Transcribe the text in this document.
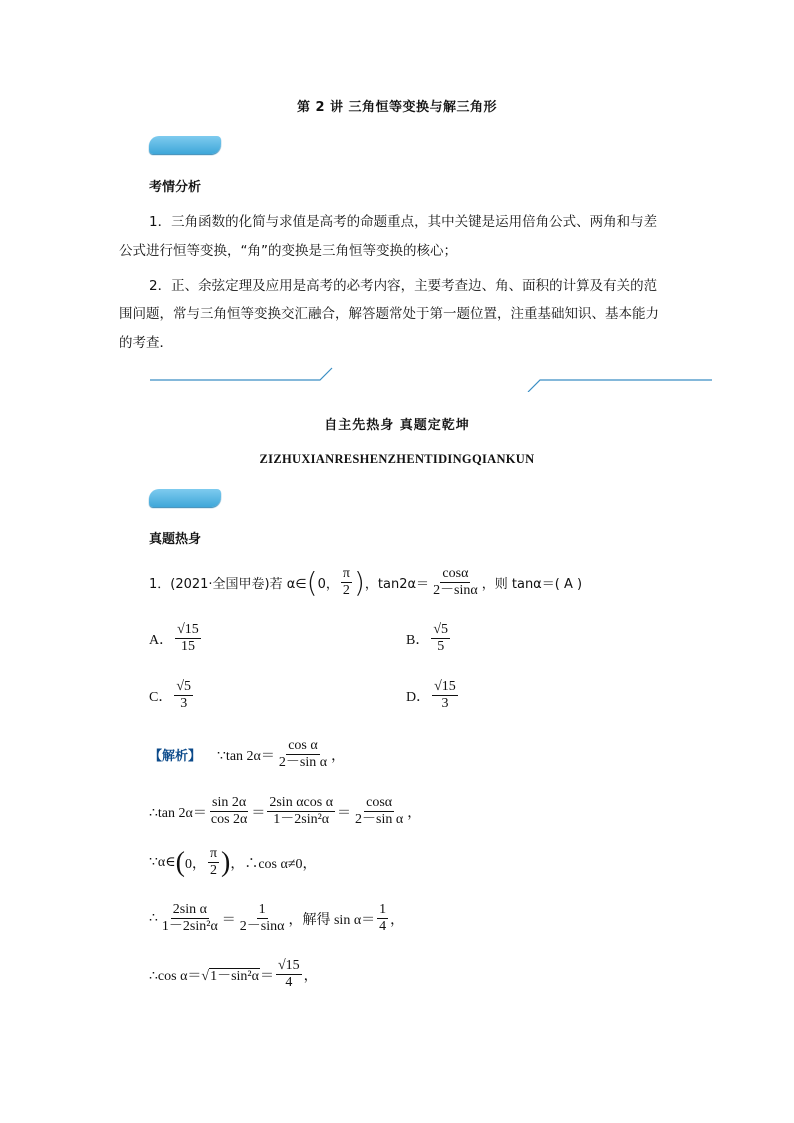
第 2 讲 三角恒等变换与解三角形
考情分析
1．三角函数的化简与求值是高考的命题重点，其中关键是运用倍角公式、两角和与差
公式进行恒等变换，“角”的变换是三角恒等变换的核心；
2．正、余弦定理及应用是高考的必考内容，主要考查边、角、面积的计算及有关的范
围问题，常与三角恒等变换交汇融合，解答题常处于第一题位置，注重基础知识、基本能力
的考查．
自主先热身 真题定乾坤
ZIZHUXIANRESHENZHENTIDINGQIANKUN
真题热身
1．(2021·全国甲卷)若 α∈ ( 0， $\frac{\pi}{2}$ ) ，$\tan 2\alpha= \frac{\cos\alpha}{2-\sin\alpha}$ ，则 tanα＝( A )
A． $\frac{√15}{15}$	B． $\frac{√5}{5}$
C． $\frac{√5}{3}$	D． $\frac{√15}{3}$
【解析】 ∵tan $2\alpha= \frac{\text{cos α}}{\text{2－sin α}}$ ，
∴tan $2\alpha= \frac{\sin 2\alpha}{\cos 2\alpha} = \frac{\text{2sin αcos α}}{\text{1－2sin²α}} = \frac{\cos\alpha}{\text{2－sin α}}$ ，
∵α∈ ( 0， $\frac{\pi}{2}$ ) ，∴cos α≠0，
∴ $\frac{\text{2sin α}}{\text{1－2sin²α}} = \frac{1}{2-\sin\alpha}$ ，解得 $\sin \alpha= \frac{1}{4}$ ，
∴cos $\alpha= √1-\sin^2\alpha = \frac{√15}{4}$ ，
